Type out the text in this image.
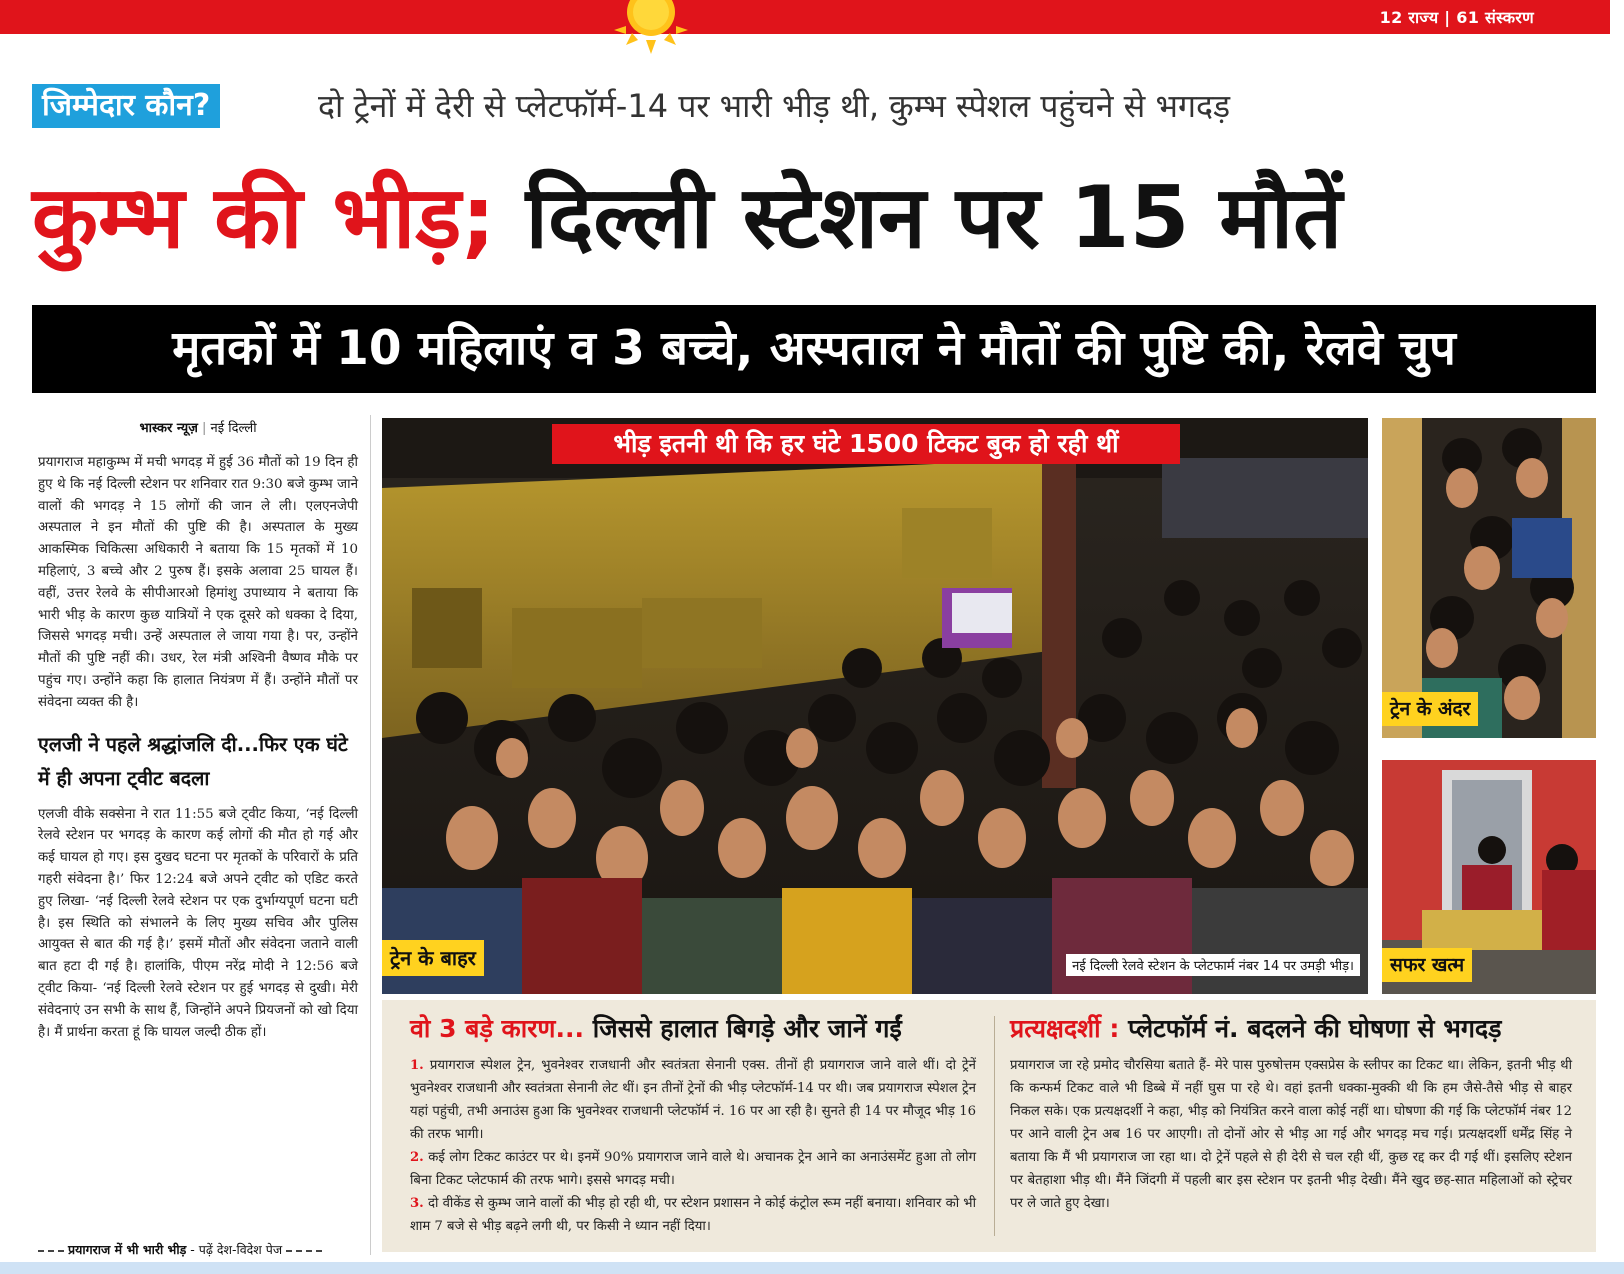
12 राज्य | 61 संस्करण
जिम्मेदार कौन?	दो ट्रेनों में देरी से प्लेटफॉर्म-14 पर भारी भीड़ थी, कुम्भ स्पेशल पहुंचने से भगदड़
कुम्भ की भीड़; दिल्ली स्टेशन पर 15 मौतें
मृतकों में 10 महिलाएं व 3 बच्चे, अस्पताल ने मौतों की पुष्टि की, रेलवे चुप
भास्कर न्यूज़ | नई दिल्ली

प्रयागराज महाकुम्भ में मची भगदड़ में हुई 36 मौतों को 19 दिन ही हुए थे कि नई दिल्ली स्टेशन पर शनिवार रात 9:30 बजे कुम्भ जाने वालों की भगदड़ ने 15 लोगों की जान ले ली। एलएनजेपी अस्पताल ने इन मौतों की पुष्टि की है। अस्पताल के मुख्य आकस्मिक चिकित्सा अधिकारी ने बताया कि 15 मृतकों में 10 महिलाएं, 3 बच्चे और 2 पुरुष हैं। इसके अलावा 25 घायल हैं। वहीं, उत्तर रेलवे के सीपीआरओ हिमांशु उपाध्याय ने बताया कि भारी भीड़ के कारण कुछ यात्रियों ने एक दूसरे को धक्का दे दिया, जिससे भगदड़ मची। उन्हें अस्पताल ले जाया गया है। पर, उन्होंने मौतों की पुष्टि नहीं की। उधर, रेल मंत्री अश्विनी वैष्णव मौके पर पहुंच गए। उन्होंने कहा कि हालात नियंत्रण में हैं। उन्होंने मौतों पर संवेदना व्यक्त की है।

एलजी ने पहले श्रद्धांजलि दी...फिर एक घंटे में ही अपना ट्वीट बदला

एलजी वीके सक्सेना ने रात 11:55 बजे ट्वीट किया, ‘नई दिल्ली रेलवे स्टेशन पर भगदड़ के कारण कई लोगों की मौत हो गई और कई घायल हो गए। इस दुखद घटना पर मृतकों के परिवारों के प्रति गहरी संवेदना है।’ फिर 12:24 बजे अपने ट्वीट को एडिट करते हुए लिखा- ‘नई दिल्ली रेलवे स्टेशन पर एक दुर्भाग्यपूर्ण घटना घटी है। इस स्थिति को संभालने के लिए मुख्य सचिव और पुलिस आयुक्त से बात की गई है।’ इसमें मौतों और संवेदना जताने वाली बात हटा दी गई है। हालांकि, पीएम नरेंद्र मोदी ने 12:56 बजे ट्वीट किया- ‘नई दिल्ली रेलवे स्टेशन पर हुई भगदड़ से दुखी। मेरी संवेदनाएं उन सभी के साथ हैं, जिन्होंने अपने प्रियजनों को खो दिया है। मैं प्रार्थना करता हूं कि घायल जल्दी ठीक हों।

प्रयागराज में भी भारी भीड़ - पढ़ें देश-विदेश पेज
भीड़ इतनी थी कि हर घंटे 1500 टिकट बुक हो रही थीं
ट्रेन के बाहर	नई दिल्ली रेलवे स्टेशन के प्लेटफार्म नंबर 14 पर उमड़ी भीड़।
ट्रेन के अंदर
सफर खत्म
वो 3 बड़े कारण... जिससे हालात बिगड़े और जानें गईं
1. प्रयागराज स्पेशल ट्रेन, भुवनेश्वर राजधानी और स्वतंत्रता सेनानी एक्स. तीनों ही प्रयागराज जाने वाले थीं। दो ट्रेनें भुवनेश्वर राजधानी और स्वतंत्रता सेनानी लेट थीं। इन तीनों ट्रेनों की भीड़ प्लेटफॉर्म-14 पर थी। जब प्रयागराज स्पेशल ट्रेन यहां पहुंची, तभी अनाउंस हुआ कि भुवनेश्वर राजधानी प्लेटफॉर्म नं. 16 पर आ रही है। सुनते ही 14 पर मौजूद भीड़ 16 की तरफ भागी।
2. कई लोग टिकट काउंटर पर थे। इनमें 90% प्रयागराज जाने वाले थे। अचानक ट्रेन आने का अनाउंसमेंट हुआ तो लोग बिना टिकट प्लेटफार्म की तरफ भागे। इससे भगदड़ मची।
3. दो वीकेंड से कुम्भ जाने वालों की भीड़ हो रही थी, पर स्टेशन प्रशासन ने कोई कंट्रोल रूम नहीं बनाया। शनिवार को भी शाम 7 बजे से भीड़ बढ़ने लगी थी, पर किसी ने ध्यान नहीं दिया।
प्रत्यक्षदर्शी : प्लेटफॉर्म नं. बदलने की घोषणा से भगदड़

प्रयागराज जा रहे प्रमोद चौरसिया बताते हैं- मेरे पास पुरुषोत्तम एक्सप्रेस के स्लीपर का टिकट था। लेकिन, इतनी भीड़ थी कि कन्फर्म टिकट वाले भी डिब्बे में नहीं घुस पा रहे थे। वहां इतनी धक्का-मुक्की थी कि हम जैसे-तैसे भीड़ से बाहर निकल सके। एक प्रत्यक्षदर्शी ने कहा, भीड़ को नियंत्रित करने वाला कोई नहीं था। घोषणा की गई कि प्लेटफॉर्म नंबर 12 पर आने वाली ट्रेन अब 16 पर आएगी। तो दोनों ओर से भीड़ आ गई और भगदड़ मच गई। प्रत्यक्षदर्शी धर्मेंद्र सिंह ने बताया कि मैं भी प्रयागराज जा रहा था। दो ट्रेनें पहले से ही देरी से चल रही थीं, कुछ रद्द कर दी गई थीं। इसलिए स्टेशन पर बेतहाशा भीड़ थी। मैंने जिंदगी में पहली बार इस स्टेशन पर इतनी भीड़ देखी। मैंने खुद छह-सात महिलाओं को स्ट्रेचर पर ले जाते हुए देखा।
